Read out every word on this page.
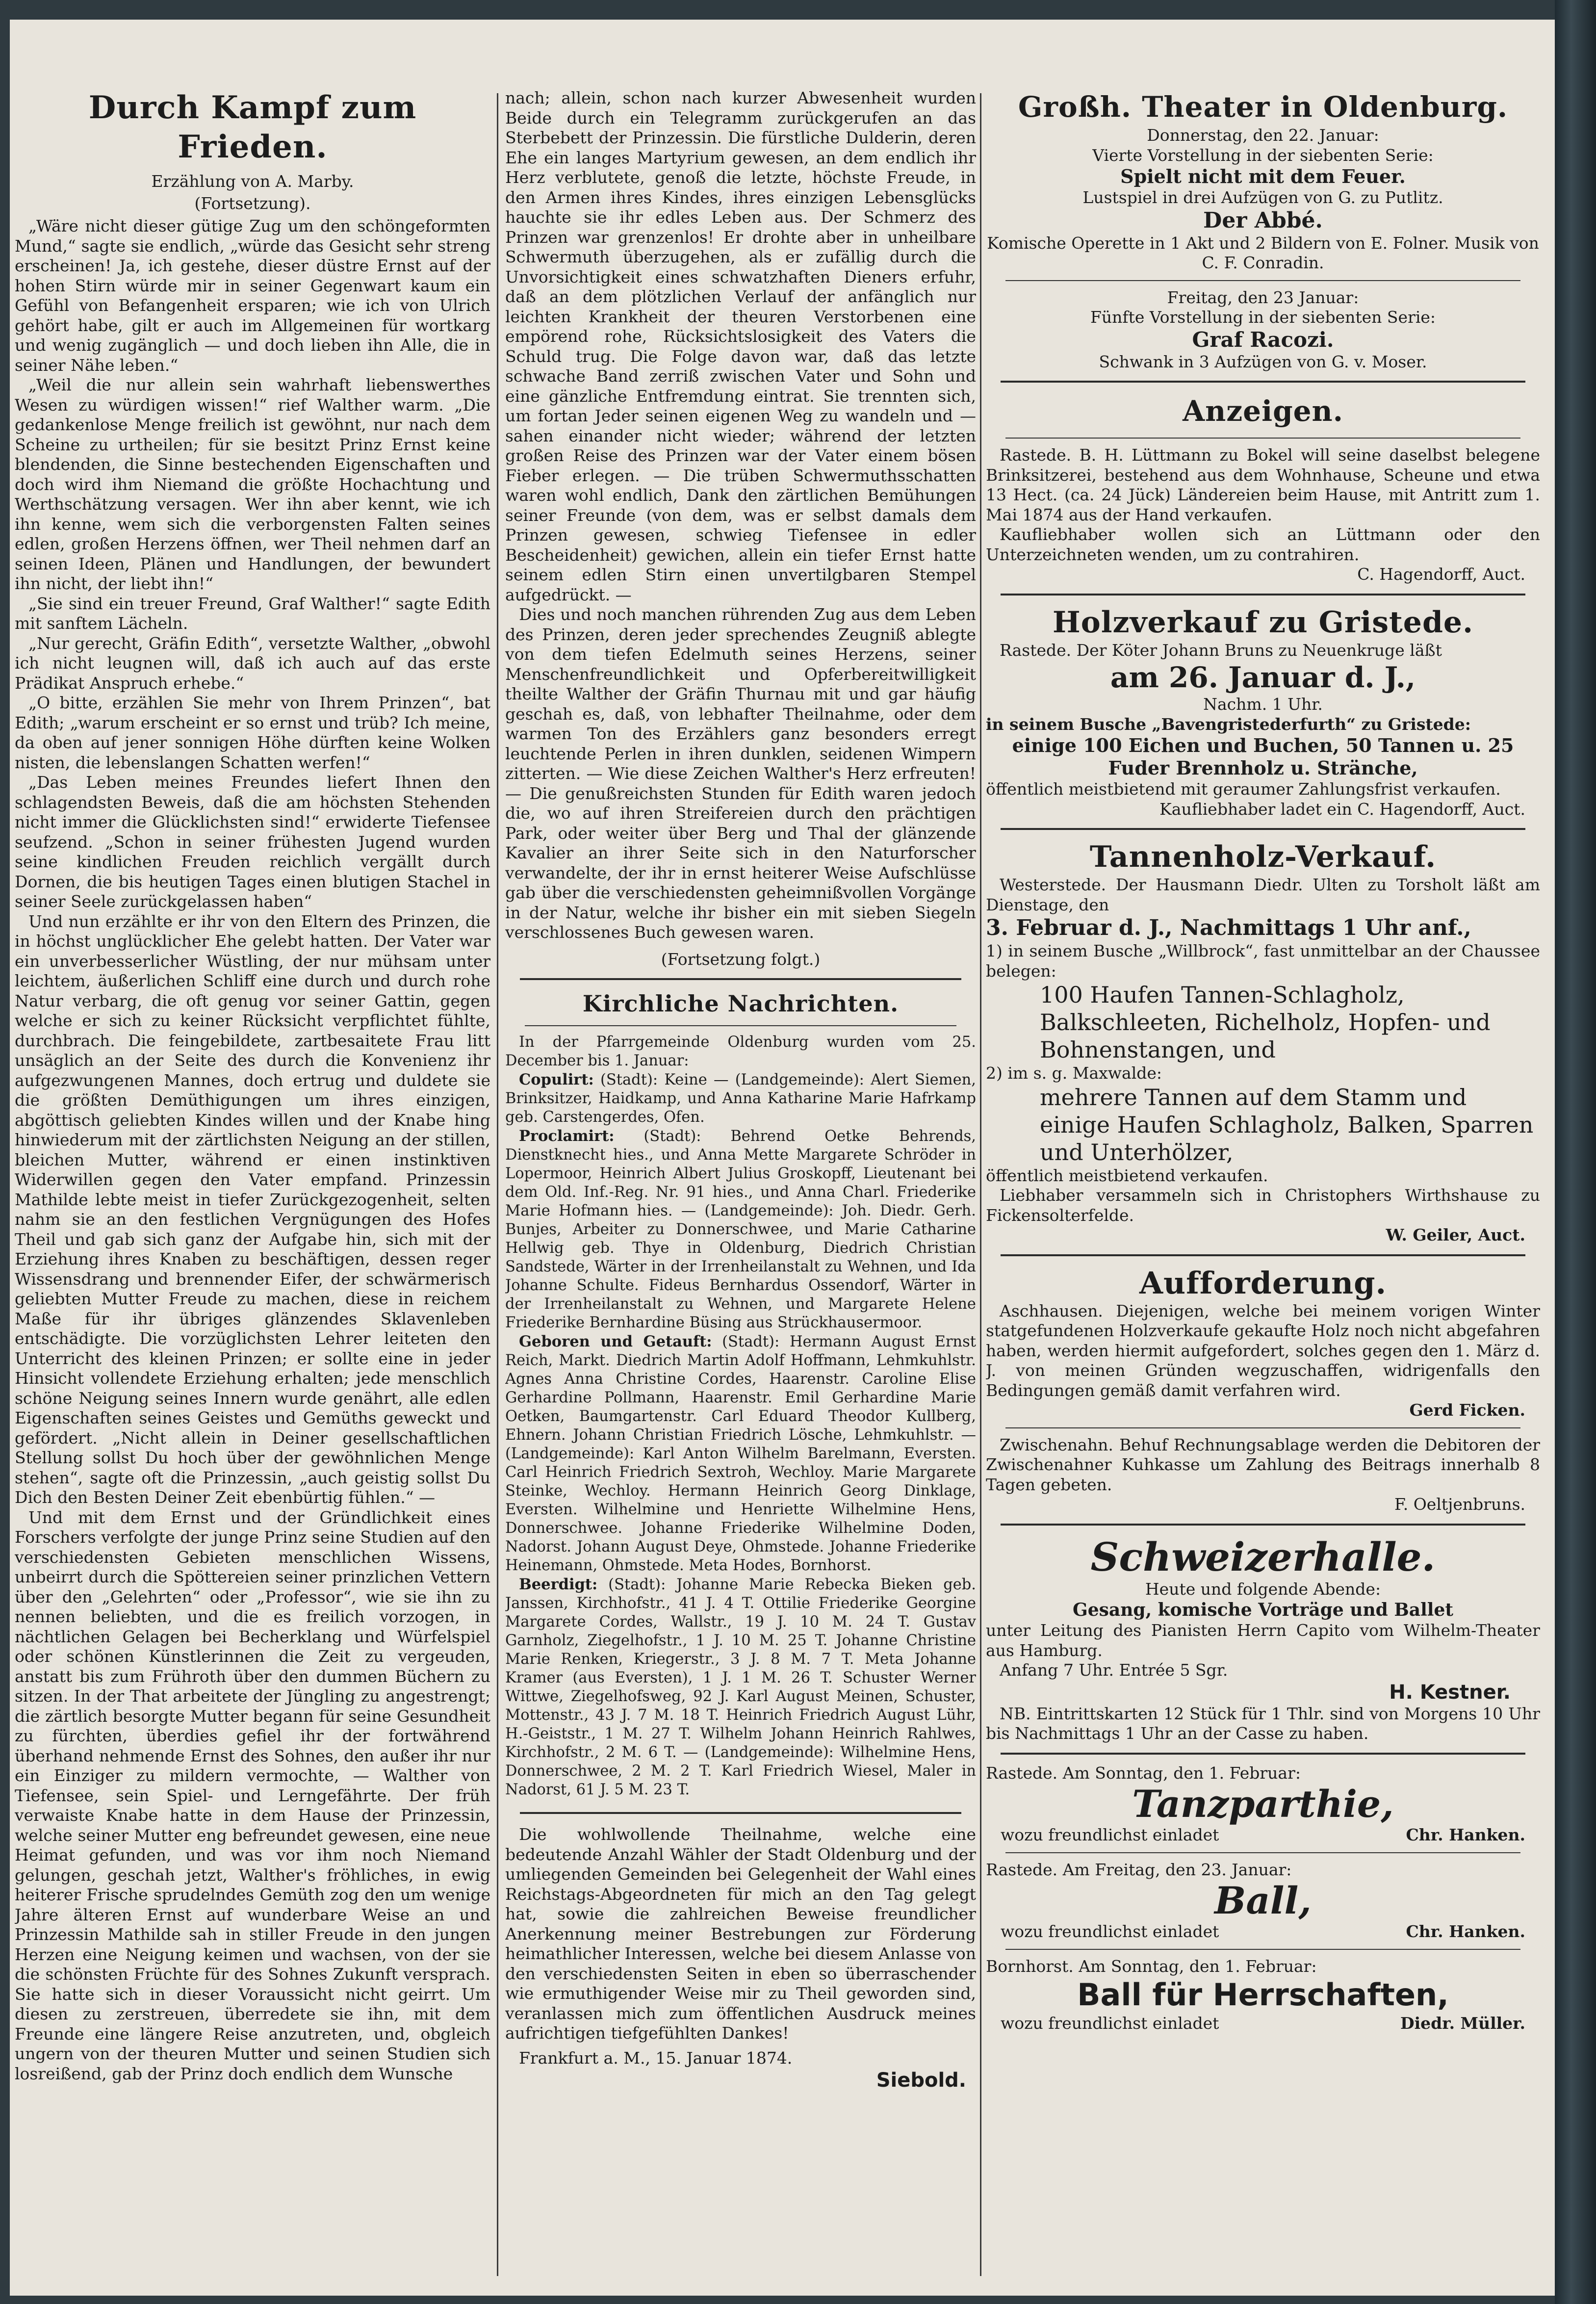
Durch Kampf zum Frieden.
Erzählung von A. Marby.
(Fortsetzung).

„Wäre nicht dieser gütige Zug um den schöngeformten Mund,“ sagte sie endlich, „würde das Gesicht sehr streng erscheinen! Ja, ich gestehe, dieser düstre Ernst auf der hohen Stirn würde mir in seiner Gegenwart kaum ein Gefühl von Befangenheit ersparen; wie ich von Ulrich gehört habe, gilt er auch im Allgemeinen für wortkarg und wenig zugänglich — und doch lieben ihn Alle, die in seiner Nähe leben.“

„Weil die nur allein sein wahrhaft liebenswerthes Wesen zu würdigen wissen!“ rief Walther warm. „Die gedankenlose Menge freilich ist gewöhnt, nur nach dem Scheine zu urtheilen; für sie besitzt Prinz Ernst keine blendenden, die Sinne bestechenden Eigenschaften und doch wird ihm Niemand die größte Hochachtung und Werthschätzung versagen. Wer ihn aber kennt, wie ich ihn kenne, wem sich die verborgensten Falten seines edlen, großen Herzens öffnen, wer Theil nehmen darf an seinen Ideen, Plänen und Handlungen, der bewundert ihn nicht, der liebt ihn!“

„Sie sind ein treuer Freund, Graf Walther!“ sagte Edith mit sanftem Lächeln.

„Nur gerecht, Gräfin Edith“, versetzte Walther, „obwohl ich nicht leugnen will, daß ich auch auf das erste Prädikat Anspruch erhebe.“

„O bitte, erzählen Sie mehr von Ihrem Prinzen“, bat Edith; „warum erscheint er so ernst und trüb? Ich meine, da oben auf jener sonnigen Höhe dürften keine Wolken nisten, die lebenslangen Schatten werfen!“

„Das Leben meines Freundes liefert Ihnen den schlagendsten Beweis, daß die am höchsten Stehenden nicht immer die Glücklichsten sind!“ erwiderte Tiefensee seufzend. „Schon in seiner frühesten Jugend wurden seine kindlichen Freuden reichlich vergällt durch Dornen, die bis heutigen Tages einen blutigen Stachel in seiner Seele zurückgelassen haben“

Und nun erzählte er ihr von den Eltern des Prinzen, die in höchst unglücklicher Ehe gelebt hatten. Der Vater war ein unverbesserlicher Wüstling, der nur mühsam unter leichtem, äußerlichen Schliff eine durch und durch rohe Natur verbarg, die oft genug vor seiner Gattin, gegen welche er sich zu keiner Rücksicht verpflichtet fühlte, durchbrach. Die feingebildete, zartbesaitete Frau litt unsäglich an der Seite des durch die Konvenienz ihr aufgezwungenen Mannes, doch ertrug und duldete sie die größten Demüthigungen um ihres einzigen, abgöttisch geliebten Kindes willen und der Knabe hing hinwiederum mit der zärtlichsten Neigung an der stillen, bleichen Mutter, während er einen instinktiven Widerwillen gegen den Vater empfand. Prinzessin Mathilde lebte meist in tiefer Zurückgezogenheit, selten nahm sie an den festlichen Vergnügungen des Hofes Theil und gab sich ganz der Aufgabe hin, sich mit der Erziehung ihres Knaben zu beschäftigen, dessen reger Wissensdrang und brennender Eifer, der schwärmerisch geliebten Mutter Freude zu machen, diese in reichem Maße für ihr übriges glänzendes Sklavenleben entschädigte. Die vorzüglichsten Lehrer leiteten den Unterricht des kleinen Prinzen; er sollte eine in jeder Hinsicht vollendete Erziehung erhalten; jede menschlich schöne Neigung seines Innern wurde genährt, alle edlen Eigenschaften seines Geistes und Gemüths geweckt und gefördert. „Nicht allein in Deiner gesellschaftlichen Stellung sollst Du hoch über der gewöhnlichen Menge stehen“, sagte oft die Prinzessin, „auch geistig sollst Du Dich den Besten Deiner Zeit ebenbürtig fühlen.“ —

Und mit dem Ernst und der Gründlichkeit eines Forschers verfolgte der junge Prinz seine Studien auf den verschiedensten Gebieten menschlichen Wissens, unbeirrt durch die Spöttereien seiner prinzlichen Vettern über den „Gelehrten“ oder „Professor“, wie sie ihn zu nennen beliebten, und die es freilich vorzogen, in nächtlichen Gelagen bei Becherklang und Würfelspiel oder schönen Künstlerinnen die Zeit zu vergeuden, anstatt bis zum Frühroth über den dummen Büchern zu sitzen. In der That arbeitete der Jüngling zu angestrengt; die zärtlich besorgte Mutter begann für seine Gesundheit zu fürchten, überdies gefiel ihr der fortwährend überhand nehmende Ernst des Sohnes, den außer ihr nur ein Einziger zu mildern vermochte, — Walther von Tiefensee, sein Spiel- und Lerngefährte. Der früh verwaiste Knabe hatte in dem Hause der Prinzessin, welche seiner Mutter eng befreundet gewesen, eine neue Heimat gefunden, und was vor ihm noch Niemand gelungen, geschah jetzt, Walther's fröhliches, in ewig heiterer Frische sprudelndes Gemüth zog den um wenige Jahre älteren Ernst auf wunderbare Weise an und Prinzessin Mathilde sah in stiller Freude in den jungen Herzen eine Neigung keimen und wachsen, von der sie die schönsten Früchte für des Sohnes Zukunft versprach. Sie hatte sich in dieser Voraussicht nicht geirrt. Um diesen zu zerstreuen, überredete sie ihn, mit dem Freunde eine längere Reise anzutreten, und, obgleich ungern von der theuren Mutter und seinen Studien sich losreißend, gab der Prinz doch endlich dem Wunsche

nach; allein, schon nach kurzer Abwesenheit wurden Beide durch ein Telegramm zurückgerufen an das Sterbebett der Prinzessin. Die fürstliche Dulderin, deren Ehe ein langes Martyrium gewesen, an dem endlich ihr Herz verblutete, genoß die letzte, höchste Freude, in den Armen ihres Kindes, ihres einzigen Lebensglücks hauchte sie ihr edles Leben aus. Der Schmerz des Prinzen war grenzenlos! Er drohte aber in unheilbare Schwermuth überzugehen, als er zufällig durch die Unvorsichtigkeit eines schwatzhaften Dieners erfuhr, daß an dem plötzlichen Verlauf der anfänglich nur leichten Krankheit der theuren Verstorbenen eine empörend rohe, Rücksichtslosigkeit des Vaters die Schuld trug. Die Folge davon war, daß das letzte schwache Band zerriß zwischen Vater und Sohn und eine gänzliche Entfremdung eintrat. Sie trennten sich, um fortan Jeder seinen eigenen Weg zu wandeln und — sahen einander nicht wieder; während der letzten großen Reise des Prinzen war der Vater einem bösen Fieber erlegen. — Die trüben Schwermuthsschatten waren wohl endlich, Dank den zärtlichen Bemühungen seiner Freunde (von dem, was er selbst damals dem Prinzen gewesen, schwieg Tiefensee in edler Bescheidenheit) gewichen, allein ein tiefer Ernst hatte seinem edlen Stirn einen unvertilgbaren Stempel aufgedrückt. —

Dies und noch manchen rührenden Zug aus dem Leben des Prinzen, deren jeder sprechendes Zeugniß ablegte von dem tiefen Edelmuth seines Herzens, seiner Menschenfreundlichkeit und Opferbereitwilligkeit theilte Walther der Gräfin Thurnau mit und gar häufig geschah es, daß, von lebhafter Theilnahme, oder dem warmen Ton des Erzählers ganz besonders erregt leuchtende Perlen in ihren dunklen, seidenen Wimpern zitterten. — Wie diese Zeichen Walther's Herz erfreuten! — Die genußreichsten Stunden für Edith waren jedoch die, wo auf ihren Streifereien durch den prächtigen Park, oder weiter über Berg und Thal der glänzende Kavalier an ihrer Seite sich in den Naturforscher verwandelte, der ihr in ernst heiterer Weise Aufschlüsse gab über die verschiedensten geheimnißvollen Vorgänge in der Natur, welche ihr bisher ein mit sieben Siegeln verschlossenes Buch gewesen waren.

(Fortsetzung folgt.)
Kirchliche Nachrichten.

In der Pfarrgemeinde Oldenburg wurden vom 25. December bis 1. Januar:

Copulirt: (Stadt): Keine — (Landgemeinde): Alert Siemen, Brinksitzer, Haidkamp, und Anna Katharine Marie Hafrkamp geb. Carstengerdes, Ofen.

Proclamirt: (Stadt): Behrend Oetke Behrends, Dienstknecht hies., und Anna Mette Margarete Schröder in Lopermoor, Heinrich Albert Julius Groskopff, Lieutenant bei dem Old. Inf.-Reg. Nr. 91 hies., und Anna Charl. Friederike Marie Hofmann hies. — (Landgemeinde): Joh. Diedr. Gerh. Bunjes, Arbeiter zu Donnerschwee, und Marie Catharine Hellwig geb. Thye in Oldenburg, Diedrich Christian Sandstede, Wärter in der Irrenheilanstalt zu Wehnen, und Ida Johanne Schulte. Fideus Bernhardus Ossendorf, Wärter in der Irrenheilanstalt zu Wehnen, und Margarete Helene Friederike Bernhardine Büsing aus Strückhausermoor.

Geboren und Getauft: (Stadt): Hermann August Ernst Reich, Markt. Diedrich Martin Adolf Hoffmann, Lehmkuhlstr. Agnes Anna Christine Cordes, Haarenstr. Caroline Elise Gerhardine Pollmann, Haarenstr. Emil Gerhardine Marie Oetken, Baumgartenstr. Carl Eduard Theodor Kullberg, Ehnern. Johann Christian Friedrich Lösche, Lehmkuhlstr. — (Landgemeinde): Karl Anton Wilhelm Barelmann, Eversten. Carl Heinrich Friedrich Sextroh, Wechloy. Marie Margarete Steinke, Wechloy. Hermann Heinrich Georg Dinklage, Eversten. Wilhelmine und Henriette Wilhelmine Hens, Donnerschwee. Johanne Friederike Wilhelmine Doden, Nadorst. Johann August Deye, Ohmstede. Johanne Friederike Heinemann, Ohmstede. Meta Hodes, Bornhorst.

Beerdigt: (Stadt): Johanne Marie Rebecka Bieken geb. Janssen, Kirchhofstr., 41 J. 4 T. Ottilie Friederike Georgine Margarete Cordes, Wallstr., 19 J. 10 M. 24 T. Gustav Garnholz, Ziegelhofstr., 1 J. 10 M. 25 T. Johanne Christine Marie Renken, Kriegerstr., 3 J. 8 M. 7 T. Meta Johanne Kramer (aus Eversten), 1 J. 1 M. 26 T. Schuster Werner Wittwe, Ziegelhofsweg, 92 J. Karl August Meinen, Schuster, Mottenstr., 43 J. 7 M. 18 T. Heinrich Friedrich August Lühr, H.-Geiststr., 1 M. 27 T. Wilhelm Johann Heinrich Rahlwes, Kirchhofstr., 2 M. 6 T. — (Landgemeinde): Wilhelmine Hens, Donnerschwee, 2 M. 2 T. Karl Friedrich Wiesel, Maler in Nadorst, 61 J. 5 M. 23 T.

Die wohlwollende Theilnahme, welche eine bedeutende Anzahl Wähler der Stadt Oldenburg und der umliegenden Gemeinden bei Gelegenheit der Wahl eines Reichstags-Abgeordneten für mich an den Tag gelegt hat, sowie die zahlreichen Beweise freundlicher Anerkennung meiner Bestrebungen zur Förderung heimathlicher Interessen, welche bei diesem Anlasse von den verschiedensten Seiten in eben so überraschender wie ermuthigender Weise mir zu Theil geworden sind, veranlassen mich zum öffentlichen Ausdruck meines aufrichtigen tiefgefühlten Dankes!

Frankfurt a. M., 15. Januar 1874.
Siebold.
Großh. Theater in Oldenburg.
Donnerstag, den 22. Januar:
Vierte Vorstellung in der siebenten Serie:
Spielt nicht mit dem Feuer.
Lustspiel in drei Aufzügen von G. zu Putlitz.
Der Abbé.

Komische Operette in 1 Akt und 2 Bildern von E. Folner. Musik von C. F. Conradin.

Freitag, den 23 Januar:
Fünfte Vorstellung in der siebenten Serie:
Graf Racozi.
Schwank in 3 Aufzügen von G. v. Moser.
Anzeigen.

Rastede. B. H. Lüttmann zu Bokel will seine daselbst belegene Brinksitzerei, bestehend aus dem Wohnhause, Scheune und etwa 13 Hect. (ca. 24 Jück) Ländereien beim Hause, mit Antritt zum 1. Mai 1874 aus der Hand verkaufen.

Kaufliebhaber wollen sich an Lüttmann oder den Unterzeichneten wenden, um zu contrahiren.

C. Hagendorff, Auct.
Holzverkauf zu Gristede.

Rastede. Der Köter Johann Bruns zu Neuenkruge läßt

am 26. Januar d. J.,
Nachm. 1 Uhr.

in seinem Busche „Bavengristederfurth“ zu Gristede:

einige 100 Eichen und Buchen, 50 Tannen u. 25 Fuder Brennholz u. Stränche,

öffentlich meistbietend mit geraumer Zahlungsfrist verkaufen.

Kaufliebhaber ladet ein C. Hagendorff, Auct.
Tannenholz-Verkauf.

Westerstede. Der Hausmann Diedr. Ulten zu Torsholt läßt am Dienstage, den

3. Februar d. J., Nachmittags 1 Uhr anf.,

1) in seinem Busche „Willbrock“, fast unmittelbar an der Chaussee belegen:

100 Haufen Tannen-Schlagholz, Balkschleeten, Richelholz, Hopfen- und Bohnenstangen, und

2) im s. g. Maxwalde:

mehrere Tannen auf dem Stamm und einige Haufen Schlagholz, Balken, Sparren und Unterhölzer,

öffentlich meistbietend verkaufen.

Liebhaber versammeln sich in Christophers Wirthshause zu Fickensolterfelde.

W. Geiler, Auct.
Aufforderung.

Aschhausen. Diejenigen, welche bei meinem vorigen Winter statgefundenen Holzverkaufe gekaufte Holz noch nicht abgefahren haben, werden hiermit aufgefordert, solches gegen den 1. März d. J. von meinen Gründen wegzuschaffen, widrigenfalls den Bedingungen gemäß damit verfahren wird.

Gerd Ficken.

Zwischenahn. Behuf Rechnungsablage werden die Debitoren der Zwischenahner Kuhkasse um Zahlung des Beitrags innerhalb 8 Tagen gebeten.

F. Oeltjenbruns.
Schweizerhalle.
Heute und folgende Abende:
Gesang, komische Vorträge und Ballet

unter Leitung des Pianisten Herrn Capito vom Wilhelm-Theater aus Hamburg.

Anfang 7 Uhr. Entrée 5 Sgr.
H. Kestner.

NB. Eintrittskarten 12 Stück für 1 Thlr. sind von Morgens 10 Uhr bis Nachmittags 1 Uhr an der Casse zu haben.

Rastede. Am Sonntag, den 1. Februar:
Tanzparthie,
wozu freundlichst einladet	Chr. Hanken.
Rastede. Am Freitag, den 23. Januar:
Ball,
wozu freundlichst einladet	Chr. Hanken.
Bornhorst. Am Sonntag, den 1. Februar:
Ball für Herrschaften,
wozu freundlichst einladet	Diedr. Müller.
